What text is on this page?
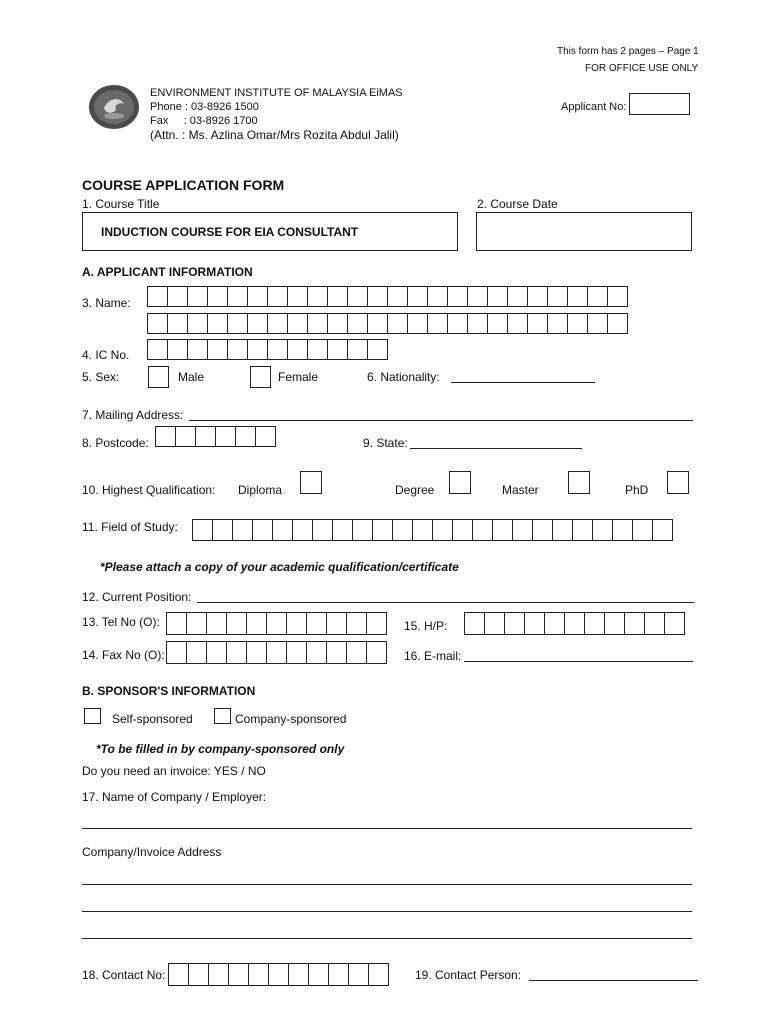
This form has 2 pages – Page 1
FOR OFFICE USE ONLY
ENVIRONMENT INSTITUTE OF MALAYSIA EiMAS
Phone : 03-8926 1500
Fax     : 03-8926 1700
(Attn. : Ms. Azlina Omar/Mrs Rozita Abdul Jalil)
Applicant No:
COURSE APPLICATION FORM
1. Course Title	2. Course Date
INDUCTION COURSE FOR EIA CONSULTANT
A. APPLICANT INFORMATION
3. Name:
4. IC No.
5. Sex:	Male	Female	6. Nationality:
7. Mailing Address:
8. Postcode:	9. State:
10. Highest Qualification: Diploma	Degree	Master	PhD
11. Field of Study:
*Please attach a copy of your academic qualification/certificate
12. Current Position:
13. Tel No (O):	15. H/P:
14. Fax No (O):	16. E-mail:
B. SPONSOR'S INFORMATION
Self-sponsored	Company-sponsored
*To be filled in by company-sponsored only
Do you need an invoice: YES / NO
17. Name of Company / Employer:
Company/Invoice Address
18. Contact No:	19. Contact Person:
